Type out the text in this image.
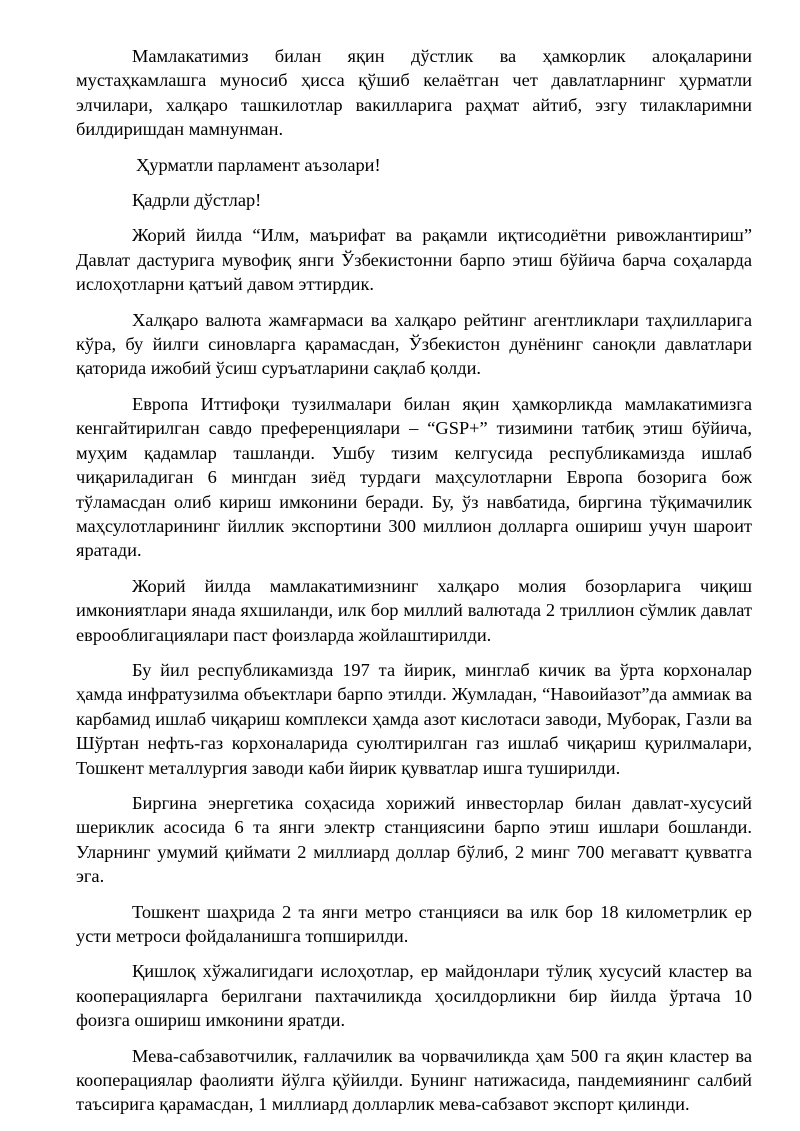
Мамлакатимиз билан яқин дўстлик ва ҳамкорлик алоқаларини мустаҳкамлашга муносиб ҳисса қўшиб келаётган чет давлатларнинг ҳурматли элчилари, халқаро ташкилотлар вакилларига раҳмат айтиб, эзгу тилакларимни билдиришдан мамнунман.

Ҳурматли парламент аъзолари!

Қадрли дўстлар!

Жорий йилда “Илм, маърифат ва рақамли иқтисодиётни ривожлантириш” Давлат дастурига мувофиқ янги Ўзбекистонни барпо этиш бўйича барча соҳаларда ислоҳотларни қатъий давом эттирдик.

Халқаро валюта жамғармаси ва халқаро рейтинг агентликлари таҳлилларига кўра, бу йилги синовларга қарамасдан, Ўзбекистон дунёнинг саноқли давлатлари қаторида ижобий ўсиш суръатларини сақлаб қолди.

Европа Иттифоқи тузилмалари билан яқин ҳамкорликда мамлакатимизга кенгайтирилган савдо преференциялари – “GSP+” тизимини татбиқ этиш бўйича, муҳим қадамлар ташланди. Ушбу тизим келгусида республикамизда ишлаб чиқариладиган 6 мингдан зиёд турдаги маҳсулотларни Европа бозорига бож тўламасдан олиб кириш имконини беради. Бу, ўз навбатида, биргина тўқимачилик маҳсулотларининг йиллик экспортини 300 миллион долларга ошириш учун шароит яратади.

Жорий йилда мамлакатимизнинг халқаро молия бозорларига чиқиш имкониятлари янада яхшиланди, илк бор миллий валютада 2 триллион сўмлик давлат еврооблигациялари паст фоизларда жойлаштирилди.

Бу йил республикамизда 197 та йирик, минглаб кичик ва ўрта корхоналар ҳамда инфратузилма объектлари барпо этилди. Жумладан, “Навоийазот”да аммиак ва карбамид ишлаб чиқариш комплекси ҳамда азот кислотаси заводи, Муборак, Газли ва Шўртан нефть-газ корхоналарида суюлтирилган газ ишлаб чиқариш қурилмалари, Тошкент металлургия заводи каби йирик қувватлар ишга туширилди.

Биргина энергетика соҳасида хорижий инвесторлар билан давлат-хусусий шериклик асосида 6 та янги электр станциясини барпо этиш ишлари бошланди. Уларнинг умумий қиймати 2 миллиард доллар бўлиб, 2 минг 700 мегаватт қувватга эга.

Тошкент шаҳрида 2 та янги метро станцияси ва илк бор 18 километрлик ер усти метроси фойдаланишга топширилди.

Қишлоқ хўжалигидаги ислоҳотлар, ер майдонлари тўлиқ хусусий кластер ва кооперацияларга берилгани пахтачиликда ҳосилдорликни бир йилда ўртача 10 фоизга ошириш имконини яратди.

Мева-сабзавотчилик, ғаллачилик ва чорвачиликда ҳам 500 га яқин кластер ва кооперациялар фаолияти йўлга қўйилди. Бунинг натижасида, пандемиянинг салбий таъсирига қарамасдан, 1 миллиард долларлик мева-сабзавот экспорт қилинди.
